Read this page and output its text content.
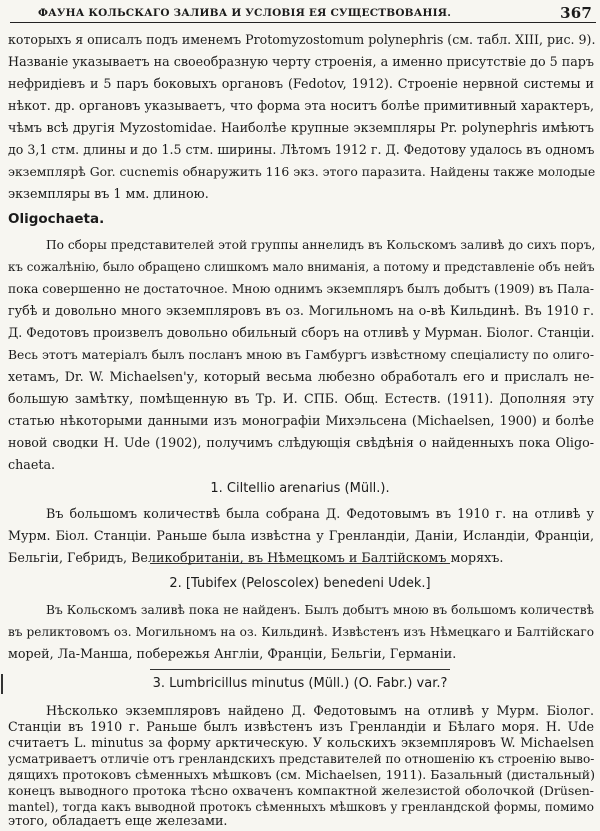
ФАУНА КОЛЬСКАГО ЗАЛИВА И УСЛОВІЯ ЕЯ СУЩЕСТВОВАНІЯ.	367
которыхъ я описалъ подъ именемъ Protomyzostomum polynephris (см. табл. XIII, рис. 9).
Названіе указываетъ на своеобразную черту строенія, а именно присутствіе до 5 паръ
нефридіевъ и 5 паръ боковыхъ органовъ (Fedotov, 1912). Строеніе нервной системы и
нѣкот. др. органовъ указываетъ, что форма эта носитъ болѣе примитивный характеръ,
чѣмъ всѣ другія Myzostomidae. Наиболѣе крупные экземпляры Pr. polynephris имѣютъ
до 3,1 стм. длины и до 1.5 стм. ширины. Лѣтомъ 1912 г. Д. Федотову удалось въ одномъ
экземплярѣ Gor. cucnemis обнаружить 116 экз. этого паразита. Найдены также молодые
экземпляры въ 1 мм. длиною.
Oligochaeta.
По сборы представителей этой группы аннелидъ въ Кольскомъ заливѣ до сихъ поръ,
къ сожалѣнію, было обращено слишкомъ мало вниманія, а потому и представленіе объ нейъ
пока совершенно не достаточное. Мною однимъ экземпляръ былъ добытъ (1909) въ Пала-
губѣ и довольно много экземпляровъ въ оз. Могильномъ на о-вѣ Кильдинѣ. Въ 1910 г.
Д. Федотовъ произвелъ довольно обильный сборъ на отливѣ у Мурман. Біолог. Станціи.
Весь этотъ матеріалъ былъ посланъ мною въ Гамбургъ извѣстному спеціалисту по олиго-
хетамъ, Dr. W. Michaelsen'у, который весьма любезно обработалъ его и прислалъ не-
большую замѣтку, помѣщенную въ Тр. И. СПБ. Общ. Естеств. (1911). Дополняя эту
статью нѣкоторыми данными изъ монографіи Михэльсена (Michaelsen, 1900) и болѣе
новой сводки H. Ude (1902), получимъ слѣдующія свѣдѣнія о найденныхъ пока Oligo-
chaeta.
1. Ciltellio arenarius (Müll.).
Въ большомъ количествѣ была собрана Д. Федотовымъ въ 1910 г. на отливѣ у
Мурм. Біол. Станціи. Раньше была извѣстна у Гренландіи, Даніи, Исландіи, Франціи,
Бельгіи, Гебридъ, Великобританіи, въ Нѣмецкомъ и Балтійскомъ моряхъ.
2. [Tubifex (Peloscolex) benedeni Udek.]
Въ Кольскомъ заливѣ пока не найденъ. Былъ добытъ мною въ большомъ количествѣ
въ реликтовомъ оз. Могильномъ на оз. Кильдинѣ. Извѣстенъ изъ Нѣмецкаго и Балтійскаго
морей, Ла-Манша, побережья Англіи, Франціи, Бельгіи, Германіи.
3. Lumbricillus minutus (Müll.) (O. Fabr.) var.?
Нѣсколько экземпляровъ найдено Д. Федотовымъ на отливѣ у Мурм. Біолог.
Станціи въ 1910 г. Раньше былъ извѣстенъ изъ Гренландіи и Бѣлаго моря. H. Ude
считаетъ L. minutus за форму арктическую. У кольскихъ экземпляровъ W. Michaelsen
усматриваетъ отличіе отъ гренландскихъ представителей по отношенію къ строенію выво-
дящихъ протоковъ сѣменныхъ мѣшковъ (см. Michaelsen, 1911). Базальный (дистальный)
конецъ выводного протока тѣсно охваченъ компактной железистой оболочкой (Drüsen-
mantel), тогда какъ выводной протокъ сѣменныхъ мѣшковъ у гренландской формы, помимо
этого, обладаетъ еще железами.
